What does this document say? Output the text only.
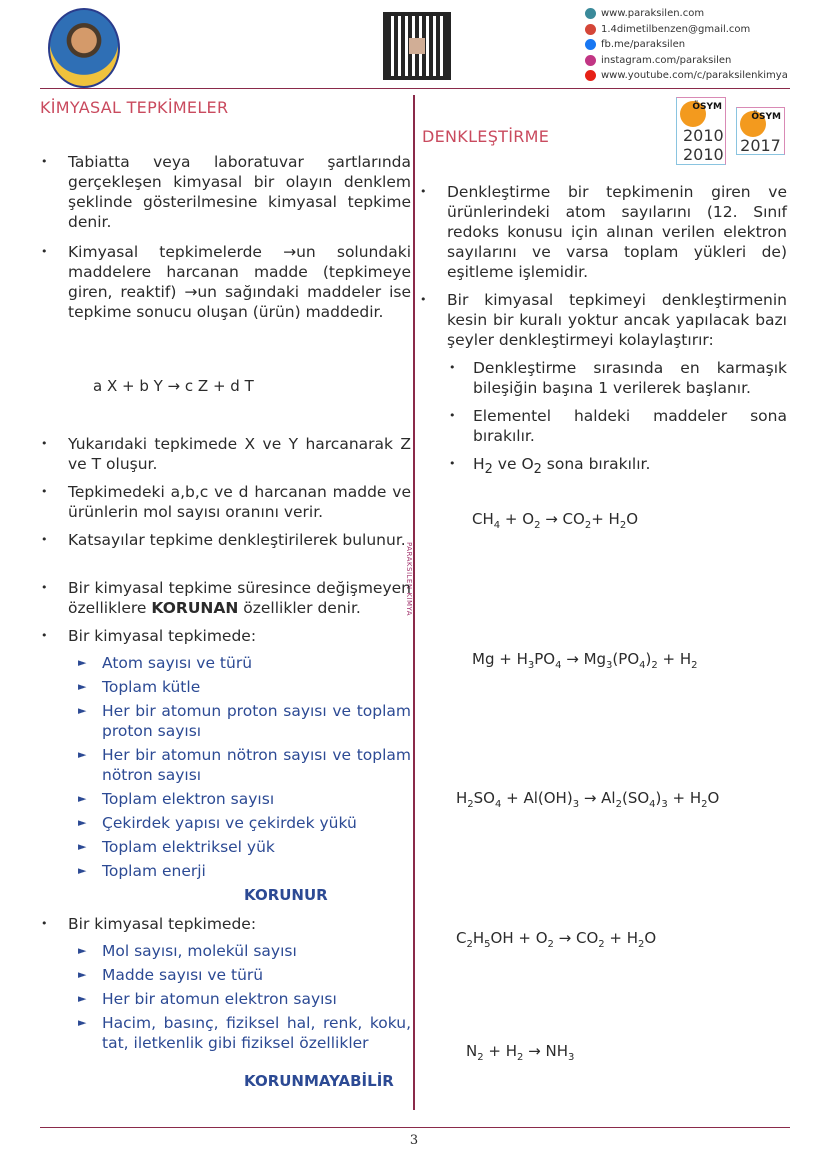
www.paraksilen.com
1.4dimetilbenzen@gmail.com
fb.me/paraksilen
instagram.com/paraksilen
www.youtube.com/c/paraksilenkimya
PARAKSİLEN KİMYA
KİMYASAL TEPKİMELER
• Tabiatta veya laboratuvar şartlarında gerçekleşen kimyasal bir olayın denklem şeklinde gösterilmesine kimyasal tepkime denir.
• Kimyasal tepkimelerde →un solundaki maddelere harcanan madde (tepkimeye giren, reaktif) →un sağındaki maddeler ise tepkime sonucu oluşan (ürün) maddedir.
a X + b Y → c Z + d T
• Yukarıdaki tepkimede X ve Y harcanarak Z ve T oluşur.
• Tepkimedeki a,b,c ve d harcanan madde ve ürünlerin mol sayısı oranını verir.
• Katsayılar tepkime denkleştirilerek bulunur.
• Bir kimyasal tepkime süresince değişmeyen özelliklere KORUNAN özellikler denir.
• Bir kimyasal tepkimede:
► Atom sayısı ve türü
► Toplam kütle
► Her bir atomun proton sayısı ve toplam proton sayısı
► Her bir atomun nötron sayısı ve toplam nötron sayısı
► Toplam elektron sayısı
► Çekirdek yapısı ve çekirdek yükü
► Toplam elektriksel yük
► Toplam enerji
KORUNUR
• Bir kimyasal tepkimede:
► Mol sayısı, molekül sayısı
► Madde sayısı ve türü
► Her bir atomun elektron sayısı
► Hacim, basınç, fiziksel hal, renk, koku, tat, iletkenlik gibi fiziksel özellikler
KORUNMAYABİLİR
DENKLEŞTİRME
ÖSYM
2010 2010
ÖSYM
2017
• Denkleştirme bir tepkimenin giren ve ürünlerindeki atom sayılarını (12. Sınıf redoks konusu için alınan verilen elektron sayılarını ve varsa toplam yükleri de) eşitleme işlemidir.
• Bir kimyasal tepkimeyi denkleştirmenin kesin bir kuralı yoktur ancak yapılacak bazı şeyler denkleştirmeyi kolaylaştırır:
• Denkleştirme sırasında en karmaşık bileşiğin başına 1 verilerek başlanır.
• Elementel haldeki maddeler sona bırakılır.
• $H_2$ ve $O_2$ sona bırakılır.
$CH_4 + O_2 \to CO_2+ H_2O$
$Mg + H_3PO_4 \to Mg_3(PO_4)_2 + H_2$
$H_2SO_4 + Al(OH)_3 \to Al_2(SO_4)_3 + H_2O$
$C_2H_5OH + O_2 \to CO_2 + H_2O$
$N_2 + H_2 \to NH_3$
3
